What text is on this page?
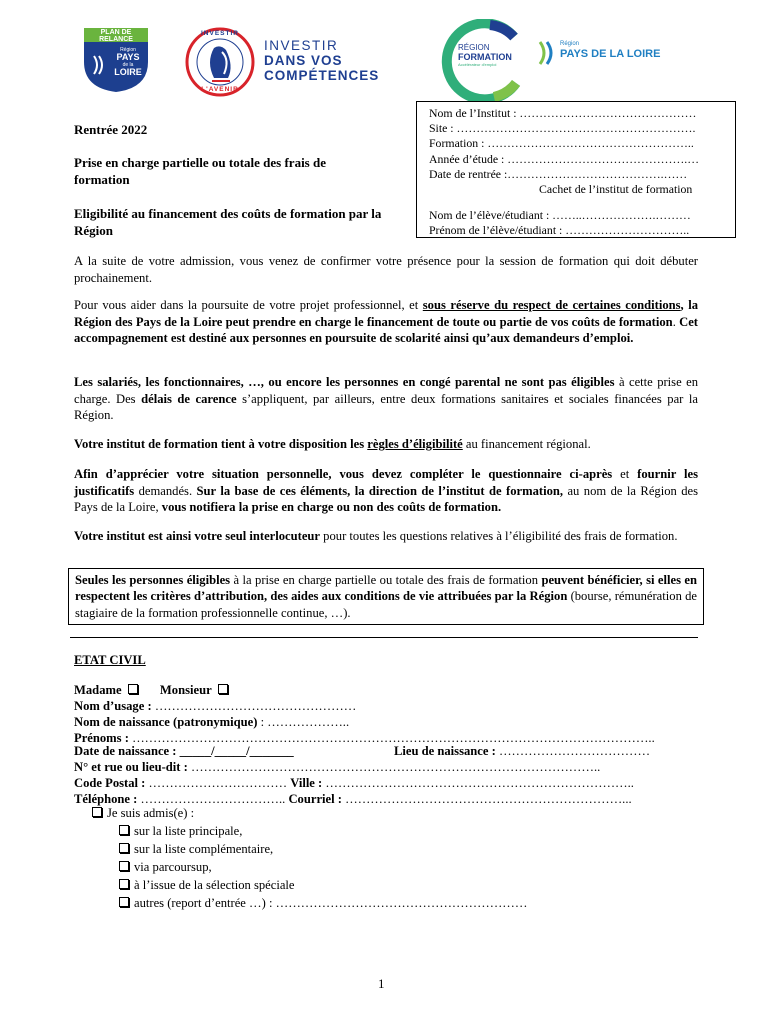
PLAN DE
RELANCE
Région
PAYS
de la
LOIRE
INVESTIR
L'AVENIR
INVESTIR
DANS VOS
COMPÉTENCES
RÉGION
FORMATION
Accélérateur d'emploi
Région
PAYS DE LA LOIRE
Rentrée 2022
Prise en charge partielle ou totale des frais de formation
Eligibilité au financement des coûts de formation par la Région
Nom de l’Institut : ………………………………………
Site : …………………………………………………….
Formation : ……………………………………………..
Année d’étude : ……………………………………….…
Date de rentrée :………………………………….……
Cachet de l’institut de formation
Nom de l’élève/étudiant : ……..……………….………
Prénom de l’élève/étudiant : …………………………..
A la suite de votre admission, vous venez de confirmer votre présence pour la session de formation qui doit débuter prochainement.
Pour vous aider dans la poursuite de votre projet professionnel, et sous réserve du respect de certaines conditions, la Région des Pays de la Loire peut prendre en charge le financement de toute ou partie de vos coûts de formation. Cet accompagnement est destiné aux personnes en poursuite de scolarité ainsi qu’aux demandeurs d’emploi.
Les salariés, les fonctionnaires, …, ou encore les personnes en congé parental ne sont pas éligibles à cette prise en charge. Des délais de carence s’appliquent, par ailleurs, entre deux formations sanitaires et sociales financées par la Région.
Votre institut de formation tient à votre disposition les règles d’éligibilité au financement régional.
Afin d’apprécier votre situation personnelle, vous devez compléter le questionnaire ci-après et fournir les justificatifs demandés. Sur la base de ces éléments, la direction de l’institut de formation, au nom de la Région des Pays de la Loire, vous notifiera la prise en charge ou non des coûts de formation.
Votre institut est ainsi votre seul interlocuteur pour toutes les questions relatives à l’éligibilité des frais de formation.
Seules les personnes éligibles à la prise en charge partielle ou totale des frais de formation peuvent bénéficier, si elles en respectent les critères d’attribution, des aides aux conditions de vie attribuées par la Région (bourse, rémunération de stagiaire de la formation professionnelle continue, …).
ETAT CIVIL
Madame	Monsieur
Nom d’usage : …………………………………………
Nom de naissance (patronymique) : ………………..
Prénoms : ……………………………………………………………………………………………………………..
Date de naissance : _____/_____/_______	Lieu de naissance : ………………………………
N° et rue ou lieu-dit : ……………………………………………………………………………………..
Code Postal : …………………………… Ville : ………………………………………………………………..
Téléphone : …………………………….. Courriel : …………………………………………………………...
Je suis admis(e) :
sur la liste principale,
sur la liste complémentaire,
via parcoursup,
à l’issue de la sélection spéciale
autres (report d’entrée …) : ……………………………………………………
1
